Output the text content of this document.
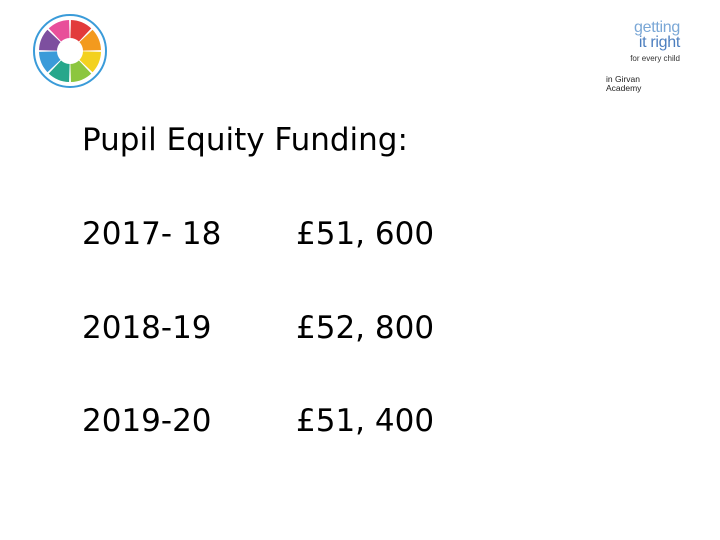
getting
it right
for every child
in Girvan
Academy
Pupil Equity Funding:
2017- 18 £51, 600
2018-19	£52, 800
2019-20	£51, 400
